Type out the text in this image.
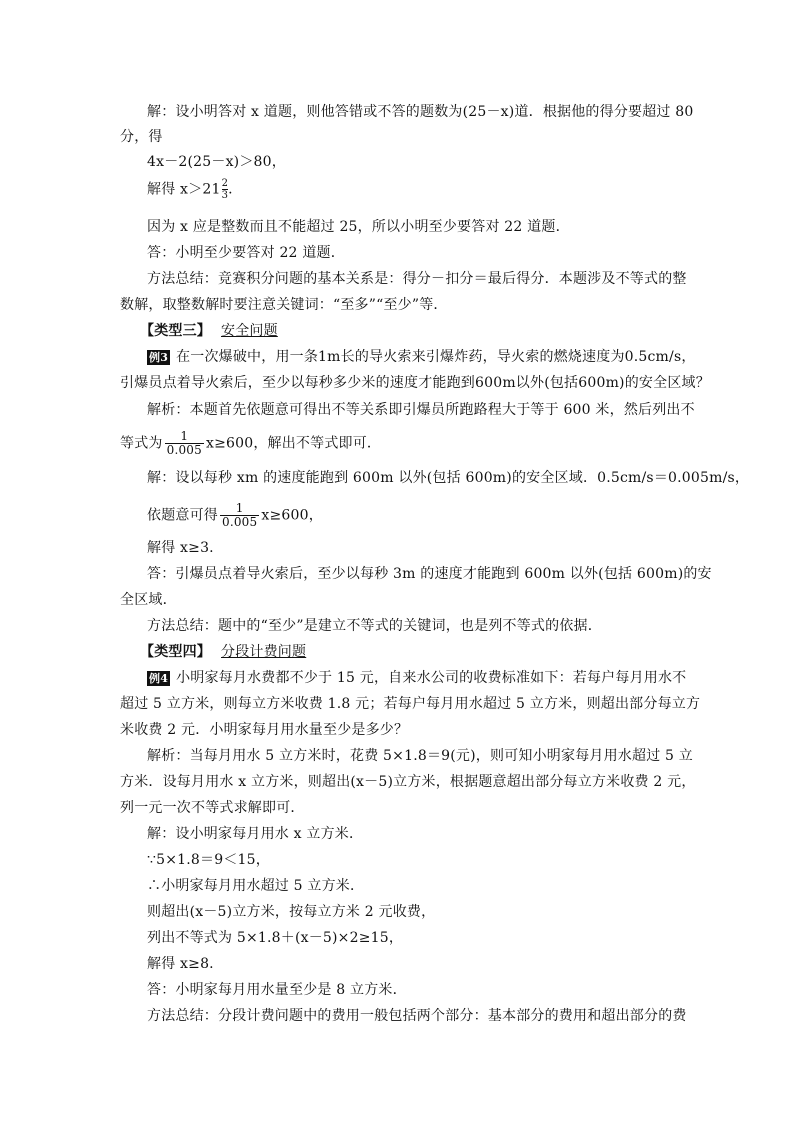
解：设小明答对 x 道题，则他答错或不答的题数为(25－x)道．根据他的得分要超过 80
分，得
4x－2(25－x)＞80，
解得 $x>21 \frac{2}{3}$ .
因为 x 应是整数而且不能超过 25，所以小明至少要答对 22 道题．
答：小明至少要答对 22 道题．
方法总结：竞赛积分问题的基本关系是：得分－扣分＝最后得分．本题涉及不等式的整
数解，取整数解时要注意关键词：“至多”“至少”等．
【类型三】 安全问题
例3 在一次爆破中，用一条1m长的导火索来引爆炸药，导火索的燃烧速度为0.5cm/s，
引爆员点着导火索后，至少以每秒多少米的速度才能跑到600m以外(包括600m)的安全区域？
解析：本题首先依题意可得出不等关系即引爆员所跑路程大于等于 600 米，然后列出不
等式为 $\frac{1}{0.005} x\ge 600$，解出不等式即可．
解：设以每秒 xm 的速度能跑到 600m 以外(包括 600m)的安全区域．0.5cm/s＝0.005m/s，
依题意可得 $\frac{1}{0.005} x\ge 600$，
解得 x≥3.
答：引爆员点着导火索后，至少以每秒 3m 的速度才能跑到 600m 以外(包括 600m)的安
全区域．
方法总结：题中的“至少”是建立不等式的关键词，也是列不等式的依据．
【类型四】 分段计费问题
例4 小明家每月水费都不少于 15 元，自来水公司的收费标准如下：若每户每月用水不
超过 5 立方米，则每立方米收费 1.8 元；若每户每月用水超过 5 立方米，则超出部分每立方
米收费 2 元．小明家每月用水量至少是多少？
解析：当每月用水 5 立方米时，花费 5×1.8＝9(元)，则可知小明家每月用水超过 5 立
方米．设每月用水 x 立方米，则超出(x－5)立方米，根据题意超出部分每立方米收费 2 元，
列一元一次不等式求解即可．
解：设小明家每月用水 x 立方米．
∵5×1.8＝9＜15，
∴小明家每月用水超过 5 立方米．
则超出(x－5)立方米，按每立方米 2 元收费，
列出不等式为 5×1.8＋(x－5)×2≥15，
解得 x≥8.
答：小明家每月用水量至少是 8 立方米．
方法总结：分段计费问题中的费用一般包括两个部分：基本部分的费用和超出部分的费
